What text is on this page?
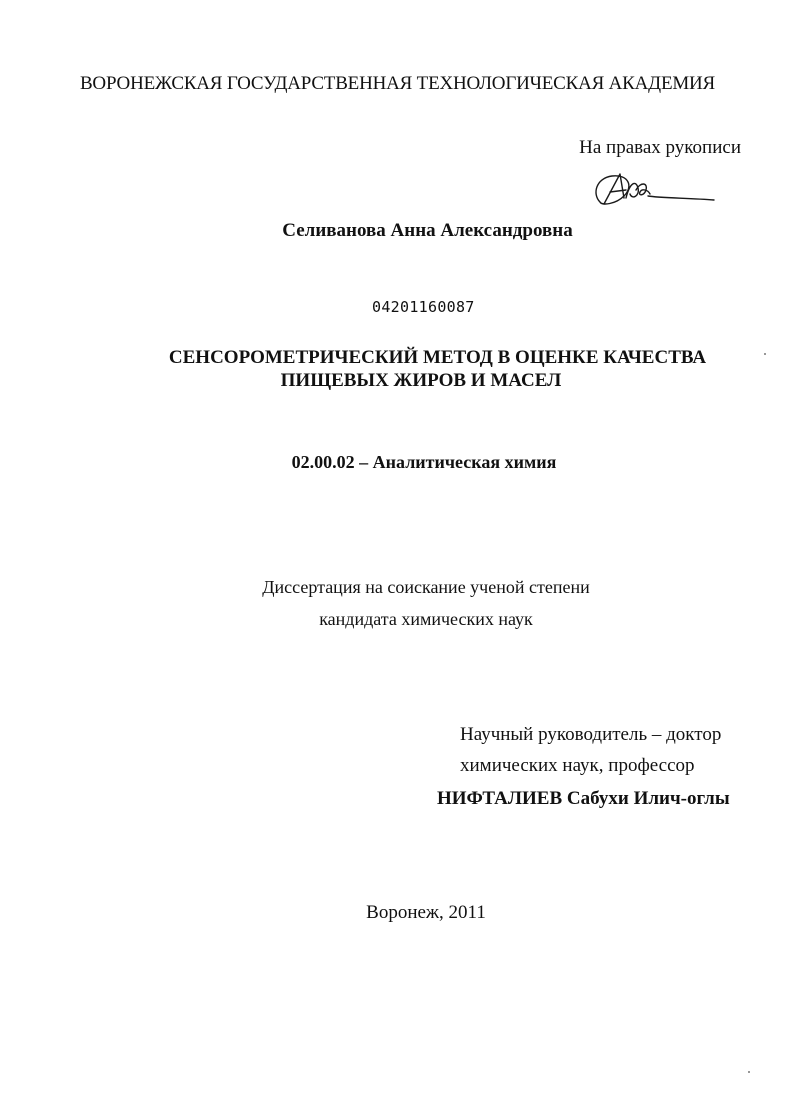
ВОРОНЕЖСКАЯ ГОСУДАРСТВЕННАЯ ТЕХНОЛОГИЧЕСКАЯ АКАДЕМИЯ
На правах рукописи
Селиванова Анна Александровна
04201160087
СЕНСОРОМЕТРИЧЕСКИЙ МЕТОД В ОЦЕНКЕ КАЧЕСТВА
ПИЩЕВЫХ ЖИРОВ И МАСЕЛ
02.00.02 – Аналитическая химия
Диссертация на соискание ученой степени
кандидата химических наук
Научный руководитель – доктор
химических наук, профессор
НИФТАЛИЕВ Сабухи Илич-оглы
Воронеж, 2011
